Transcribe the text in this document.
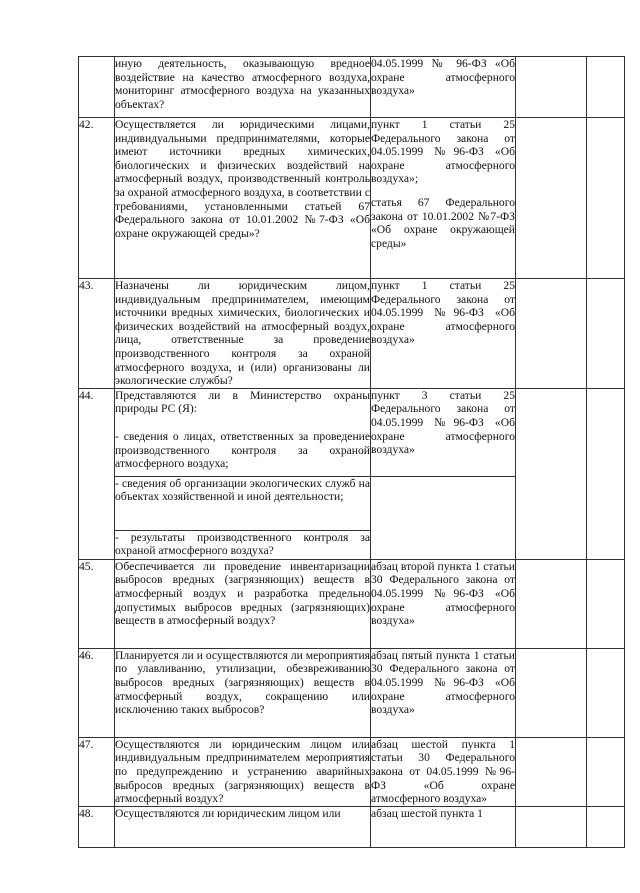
	иную деятельность, оказывающую вредное воздействие на качество атмосферного воздуха, мониторинг атмосферного воздуха на указанных объектах?	04.05.1999 № 96-ФЗ «Об охране атмосферного воздуха»		

42.	Осуществляется ли юридическими лицами, индивидуальными предпринимателями, которые имеют источники вредных химических, биологических и физических воздействий на атмосферный воздух, производственный контроль за охраной атмосферного воздуха, в соответствии с требованиями, установленными статьей 67 Федерального закона от 10.01.2002 №7-ФЗ «Об охране окружающей среды»?	пункт 1 статьи 25 Федерального закона от 04.05.1999 №96-ФЗ «Об охране атмосферного воздуха»;

статья 67 Федерального закона от 10.01.2002 №7-ФЗ «Об охране окружающей среды»		

43.	Назначены ли юридическим лицом, индивидуальным предпринимателем, имеющим источники вредных химических, биологических и физических воздействий на атмосферный воздух, лица, ответственные за проведение производственного контроля за охраной атмосферного воздуха, и (или) организованы ли экологические службы?	пункт 1 статьи 25 Федерального закона от 04.05.1999 №96-ФЗ «Об охране атмосферного воздуха»		

44.	Представляются ли в Министерство охраны природы РС (Я):

- сведения о лицах, ответственных за проведение производственного контроля за охраной атмосферного воздуха;	пункт 3 статьи 25 Федерального закона от 04.05.1999 №96-ФЗ «Об охране атмосферного воздуха»		

	- сведения об организации экологических служб на объектах хозяйственной и иной деятельности;			

	- результаты производственного контроля за охраной атмосферного воздуха?			

45.	Обеспечивается ли проведение инвентаризации выбросов вредных (загрязняющих) веществ в атмосферный воздух и разработка предельно допустимых выбросов вредных (загрязняющих) веществ в атмосферный воздух?	абзац второй пункта 1 статьи 30 Федерального закона от 04.05.1999 №96-ФЗ «Об охране атмосферного воздуха»		

46.	Планируется ли и осуществляются ли мероприятия по улавливанию, утилизации, обезвреживанию выбросов вредных (загрязняющих) веществ в атмосферный воздух, сокращению или исключению таких выбросов?	абзац пятый пункта 1 статьи 30 Федерального закона от 04.05.1999 №96-ФЗ «Об охране атмосферного воздуха»		

47.	Осуществляются ли юридическим лицом или индивидуальным предпринимателем мероприятия по предупреждению и устранению аварийных выбросов вредных (загрязняющих) веществ в атмосферный воздух?	абзац шестой пункта 1 статьи 30 Федерального закона от 04.05.1999 №96-ФЗ «Об охране атмосферного воздуха»		

48.	Осуществляются ли юридическим лицом или	абзац шестой пункта 1		
